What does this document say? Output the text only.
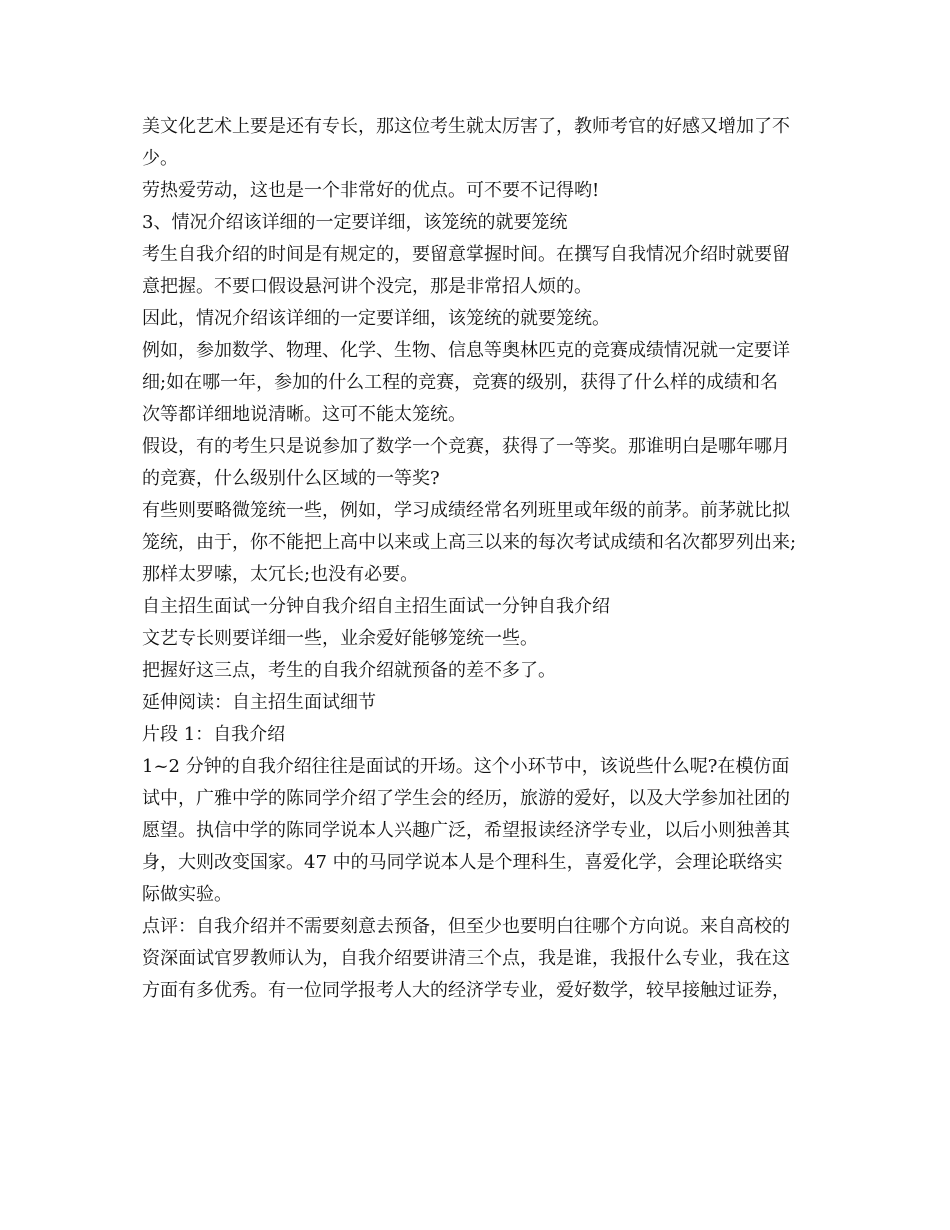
美文化艺术上要是还有专长，那这位考生就太厉害了，教师考官的好感又增加了不
少。

劳热爱劳动，这也是一个非常好的优点。可不要不记得哟!

3、情况介绍该详细的一定要详细，该笼统的就要笼统

考生自我介绍的时间是有规定的，要留意掌握时间。在撰写自我情况介绍时就要留
意把握。不要口假设悬河讲个没完，那是非常招人烦的。

因此，情况介绍该详细的一定要详细，该笼统的就要笼统。

例如，参加数学、物理、化学、生物、信息等奥林匹克的竞赛成绩情况就一定要详
细;如在哪一年，参加的什么工程的竞赛，竞赛的级别，获得了什么样的成绩和名
次等都详细地说清晰。这可不能太笼统。

假设，有的考生只是说参加了数学一个竞赛，获得了一等奖。那谁明白是哪年哪月
的竞赛，什么级别什么区域的一等奖?

有些则要略微笼统一些，例如，学习成绩经常名列班里或年级的前茅。前茅就比拟
笼统，由于，你不能把上高中以来或上高三以来的每次考试成绩和名次都罗列出来;
那样太罗嗦，太冗长;也没有必要。

自主招生面试一分钟自我介绍自主招生面试一分钟自我介绍

文艺专长则要详细一些，业余爱好能够笼统一些。

把握好这三点，考生的自我介绍就预备的差不多了。

延伸阅读：自主招生面试细节

片段 1：自我介绍

1~2 分钟的自我介绍往往是面试的开场。这个小环节中，该说些什么呢?在模仿面
试中，广雅中学的陈同学介绍了学生会的经历，旅游的爱好，以及大学参加社团的
愿望。执信中学的陈同学说本人兴趣广泛，希望报读经济学专业，以后小则独善其
身，大则改变国家。47 中的马同学说本人是个理科生，喜爱化学，会理论联络实
际做实验。

点评：自我介绍并不需要刻意去预备，但至少也要明白往哪个方向说。来自高校的
资深面试官罗教师认为，自我介绍要讲清三个点，我是谁，我报什么专业，我在这
方面有多优秀。有一位同学报考人大的经济学专业，爱好数学，较早接触过证券，
